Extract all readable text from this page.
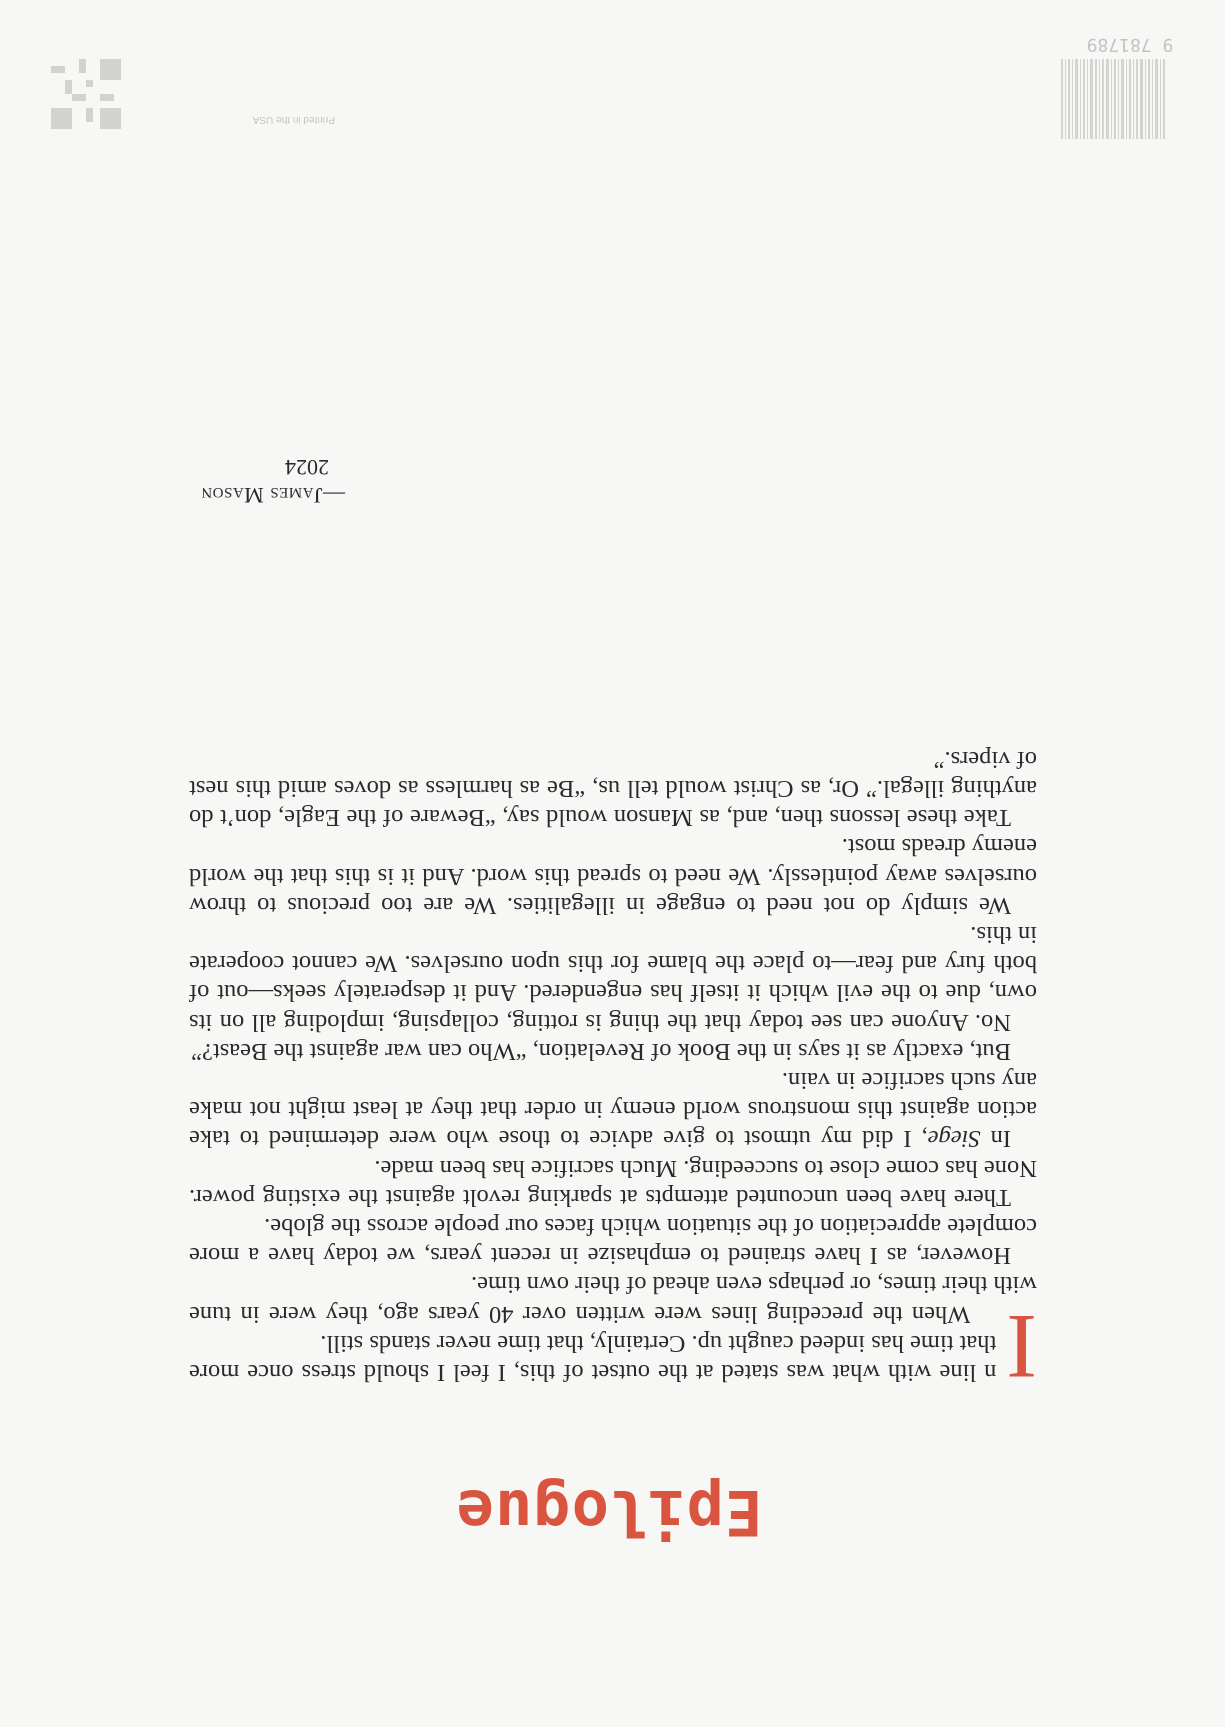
Epilogue

I
n line with what was stated at the outset of this, I feel I should stress once more that time has indeed caught up. Certainly, that time never stands still.

When the preceding lines were written over 40 years ago, they were in tune with their times, or perhaps even ahead of their own time.

However, as I have strained to emphasize in recent years, we today have a more complete appreciation of the situation which faces our people across the globe.

There have been uncounted attempts at sparking revolt against the existing power. None has come close to succeeding. Much sacrifice has been made.

In Siege, I did my utmost to give advice to those who were determined to take action against this monstrous world enemy in order that they at least might not make any such sacrifice in vain.

But, exactly as it says in the Book of Revelation, “Who can war against the Beast?”

No. Anyone can see today that the thing is rotting, collapsing, imploding all on its own, due to the evil which it itself has engendered. And it desperately seeks—out of both fury and fear—to place the blame for this upon ourselves. We cannot cooperate in this.

We simply do not need to engage in illegalities. We are too precious to throw ourselves away pointlessly. We need to spread this word. And it is this that the world enemy dreads most.

Take these lessons then, and, as Manson would say, “Beware of the Eagle, don’t do anything illegal.” Or, as Christ would tell us, “Be as harmless as doves amid this nest of vipers.”

—James Mason
2024
9 781789
Printed in the USA
